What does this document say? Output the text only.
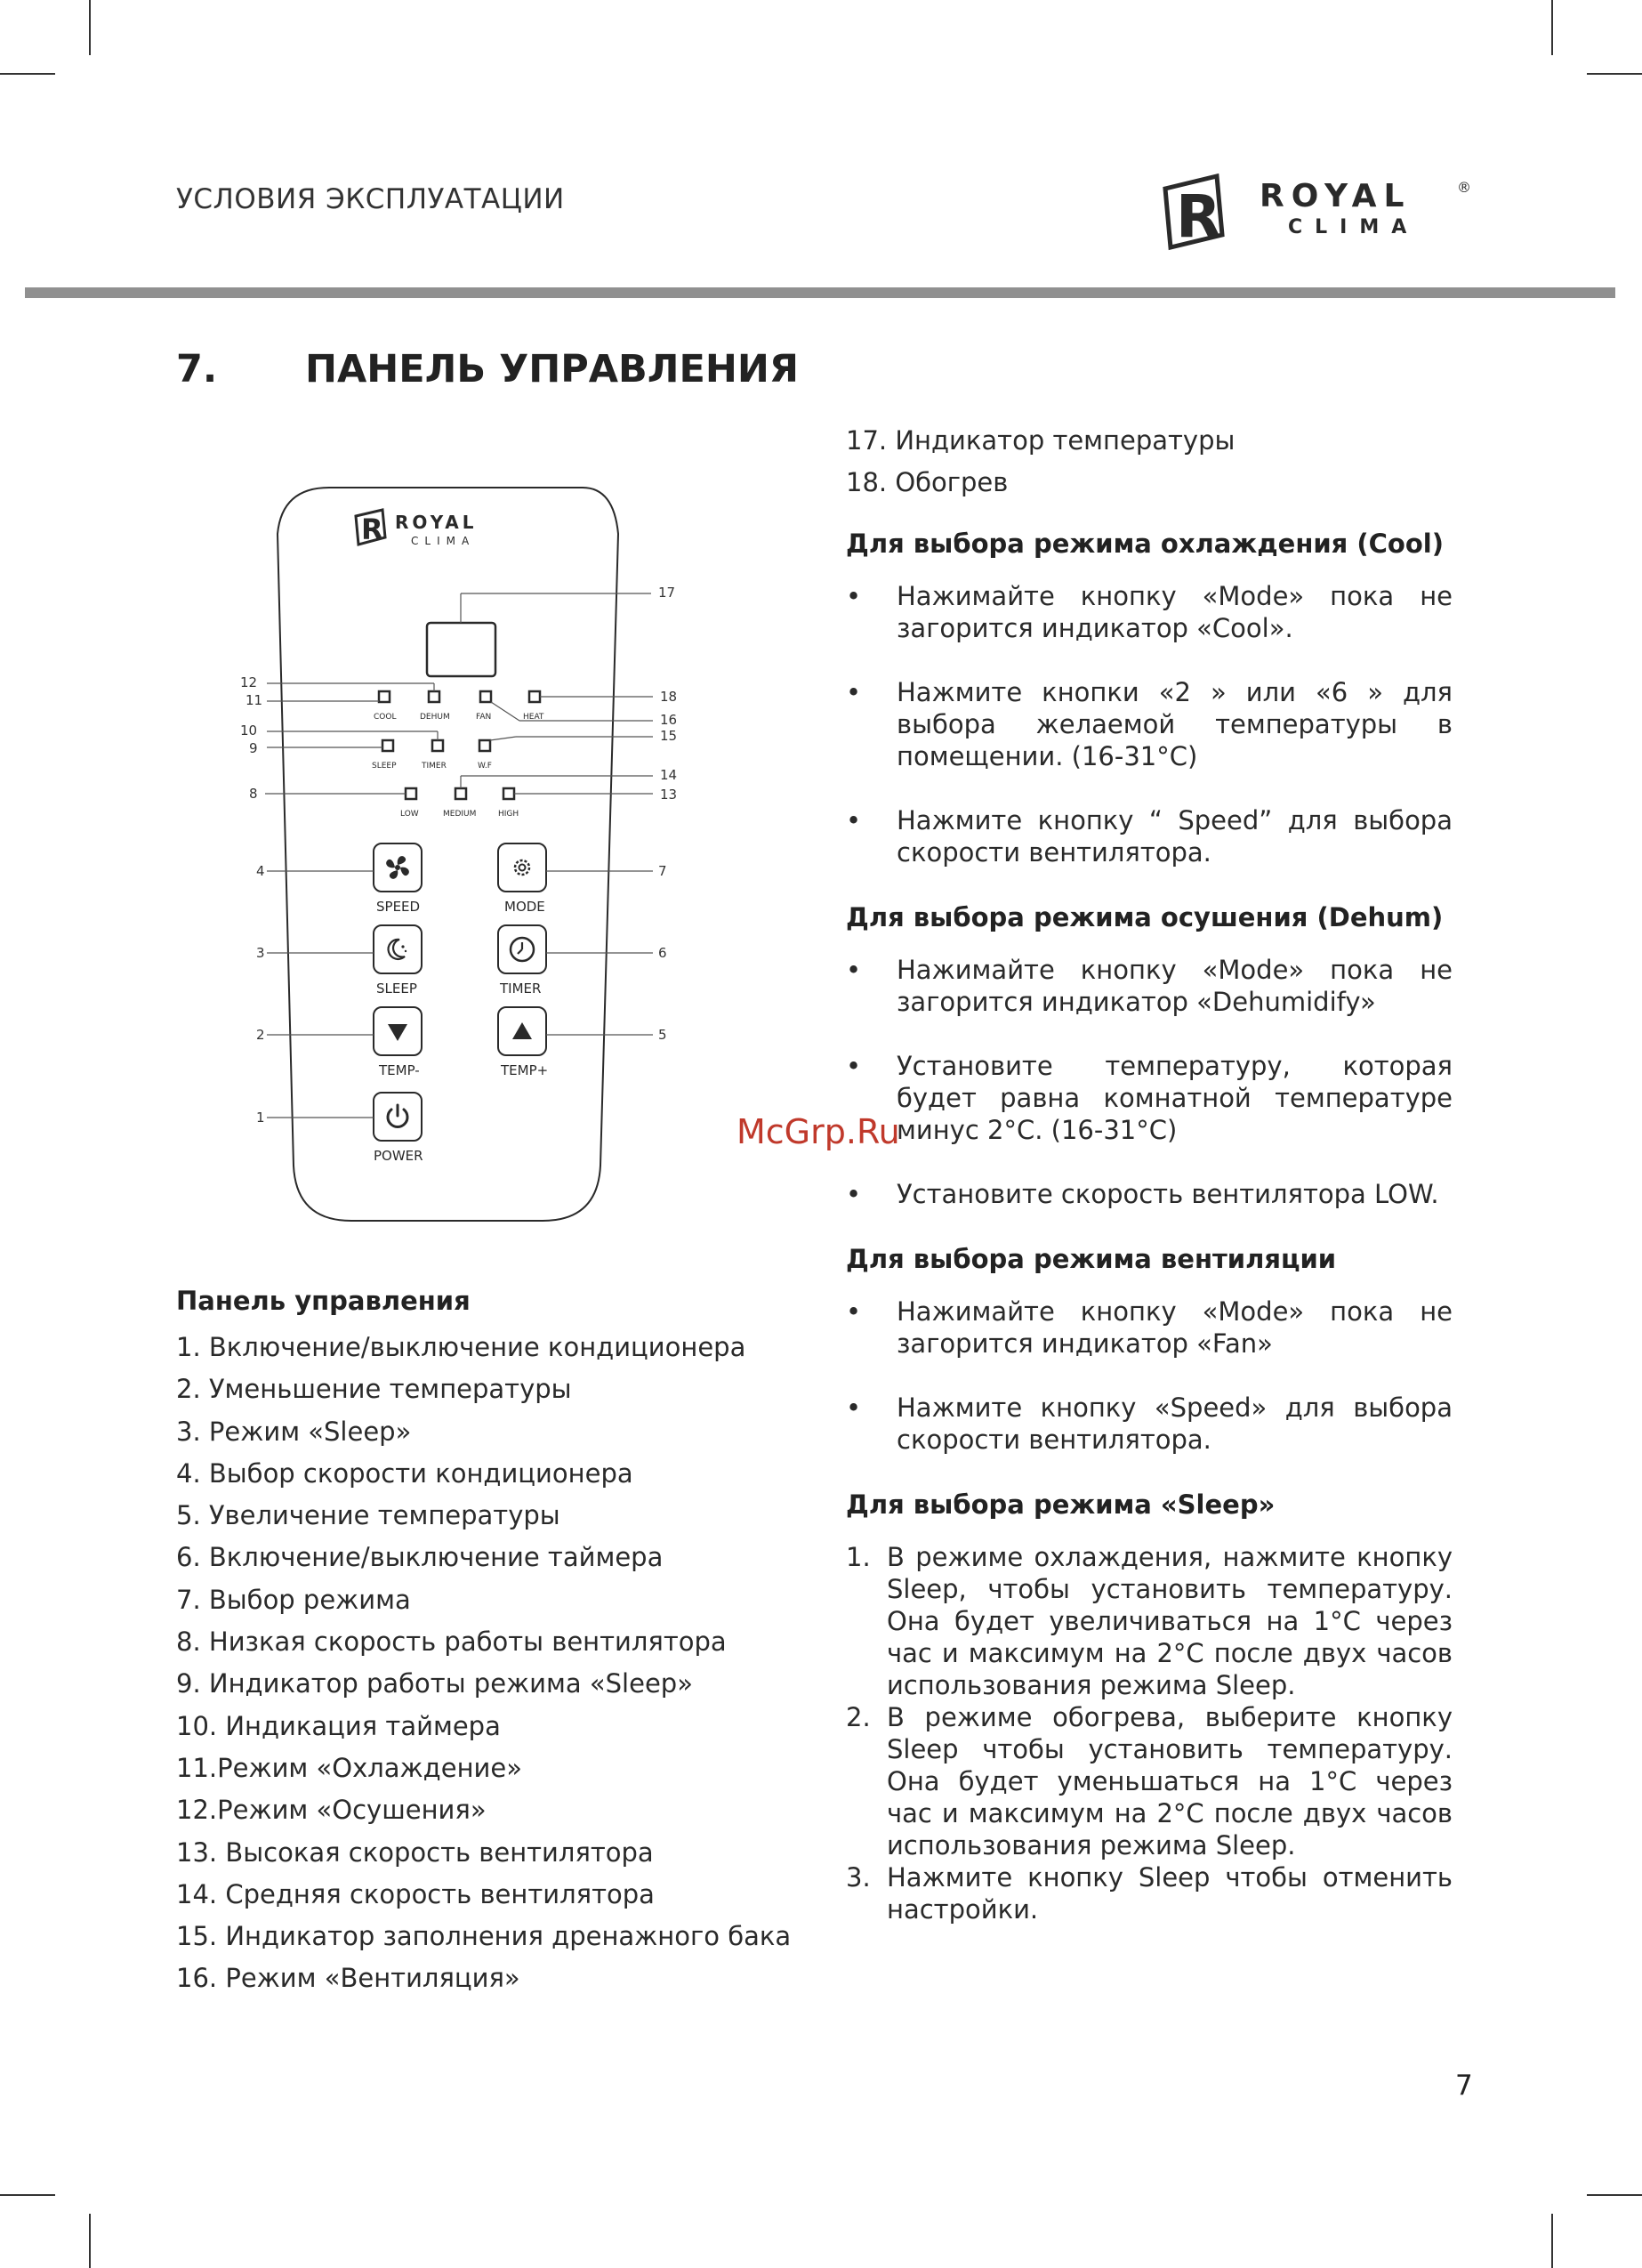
УСЛОВИЯ ЭКСПЛУАТАЦИИ	R ROYAL	®
CLIMA
7. ПАНЕЛЬ УПРАВЛЕНИЯ
R ROYAL
CLIMA
17
COOL	DEHUM	FAN	HEAT
12
11	18
16
SLEEP	TIMER	W.F
10
9
15
LOW	MEDIUM	HIGH
14
13
8
SPEED
4
MODE
7
SLEEP
3
TIMER
6
TEMP-
2
TEMP+
5
POWER
1
Панель управления
1. Включение/выключение кондиционера
2. Уменьшение температуры
3. Режим «Sleep»
4. Выбор скорости кондиционера
5. Увеличение температуры
6. Включение/выключение таймера
7. Выбор режима
8. Низкая скорость работы вентилятора
9. Индикатор работы режима «Sleep»
10. Индикация таймера
11.Режим «Охлаждение»
12.Режим «Осушения»
13. Высокая скорость вентилятора
14. Средняя скорость вентилятора
15. Индикатор заполнения дренажного бака
16. Режим «Вентиляция»
17. Индикатор температуры
18. Обогрев
Для выбора режима охлаждения (Cool)
• Нажимайте кнопку «Mode» пока не загорится индикатор «Cool».
• Нажмите кнопки «2 » или «6 » для выбора желаемой температуры в помещении. (16-31°C)
• Нажмите кнопку “ Speed” для выбора скорости вентилятора.
Для выбора режима осушения (Dehum)
• Нажимайте кнопку «Mode» пока не загорится индикатор «Dehumidify»
• Установите температуру, которая будет равна комнатной температуре минус 2°С. (16-31°C)
• Установите скорость вентилятора LOW.
Для выбора режима вентиляции
• Нажимайте кнопку «Mode» пока не загорится индикатор «Fan»
• Нажмите кнопку «Speed» для выбора скорости вентилятора.
Для выбора режима «Sleep»
1. В режиме охлаждения, нажмите кнопку Sleep, чтобы установить температуру. Она будет увеличиваться на 1°С через час и максимум на 2°С после двух часов использования режима Sleep.
2. В режиме обогрева, выберите кнопку Sleep чтобы установить температуру. Она будет уменьшаться на 1°С через час и максимум на 2°С после двух часов использования режима Sleep.
3. Нажмите кнопку Sleep чтобы отменить настройки.
McGrp.Ru
7
